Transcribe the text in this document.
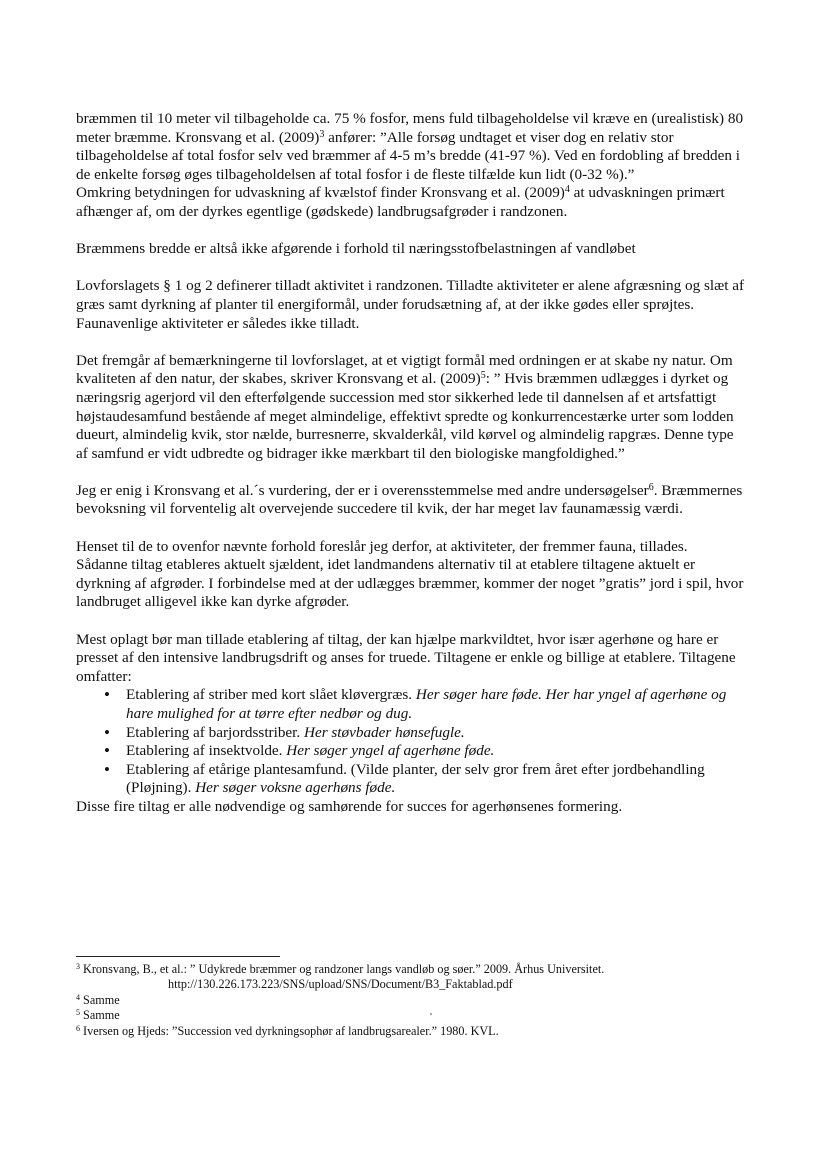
bræmmen til 10 meter vil tilbageholde ca. 75 % fosfor, mens fuld tilbageholdelse vil kræve en (urealistisk) 80 meter bræmme. Kronsvang et al. $(2009)^3$ anfører: ”Alle forsøg undtaget et viser dog en relativ stor tilbageholdelse af total fosfor selv ved bræmmer af 4-5 m’s bredde (41-97 %). Ved en fordobling af bredden i de enkelte forsøg øges tilbageholdelsen af total fosfor i de fleste tilfælde kun lidt (0-32 %).”

Omkring betydningen for udvaskning af kvælstof finder Kronsvang et al. $(2009)^4$ at udvaskningen primært afhænger af, om der dyrkes egentlige (gødskede) landbrugsafgrøder i randzonen.

Bræmmens bredde er altså ikke afgørende i forhold til næringsstofbelastningen af vandløbet

Lovforslagets § 1 og 2 definerer tilladt aktivitet i randzonen. Tilladte aktiviteter er alene afgræsning og slæt af græs samt dyrkning af planter til energiformål, under forudsætning af, at der ikke gødes eller sprøjtes. Faunavenlige aktiviteter er således ikke tilladt.

Det fremgår af bemærkningerne til lovforslaget, at et vigtigt formål med ordningen er at skabe ny natur. Om kvaliteten af den natur, der skabes, skriver Kronsvang et al. $(2009)^5$: ” Hvis bræmmen udlægges i dyrket og næringsrig agerjord vil den efterfølgende succession med stor sikkerhed lede til dannelsen af et artsfattigt højstaudesamfund bestående af meget almindelige, effektivt spredte og konkurrencestærke urter som lodden dueurt, almindelig kvik, stor nælde, burresnerre, skvalderkål, vild kørvel og almindelig rapgræs. Denne type af samfund er vidt udbredte og bidrager ikke mærkbart til den biologiske mangfoldighed.”

Jeg er enig i Kronsvang et al.´s vurdering, der er i overensstemmelse med andre undersøgelser$^6$. Bræmmernes bevoksning vil forventelig alt overvejende succedere til kvik, der har meget lav faunamæssig værdi.

Henset til de to ovenfor nævnte forhold foreslår jeg derfor, at aktiviteter, der fremmer fauna, tillades.

Sådanne tiltag etableres aktuelt sjældent, idet landmandens alternativ til at etablere tiltagene aktuelt er dyrkning af afgrøder. I forbindelse med at der udlægges bræmmer, kommer der noget ”gratis” jord i spil, hvor landbruget alligevel ikke kan dyrke afgrøder.

Mest oplagt bør man tillade etablering af tiltag, der kan hjælpe markvildtet, hvor især agerhøne og hare er presset af den intensive landbrugsdrift og anses for truede. Tiltagene er enkle og billige at etablere. Tiltagene omfatter:

• Etablering af striber med kort slået kløvergræs. Her søger hare føde. Her har yngel af agerhøne og hare mulighed for at tørre efter nedbør og dug.
• Etablering af barjordsstriber. Her støvbader hønsefugle.
• Etablering af insektvolde. Her søger yngel af agerhøne føde.
• Etablering af etårige plantesamfund. (Vilde planter, der selv gror frem året efter jordbehandling (Pløjning). Her søger voksne agerhøns føde.

Disse fire tiltag er alle nødvendige og samhørende for succes for agerhønsenes formering.

$^3$ Kronsvang, B., et al.: ” Udykrede bræmmer og randzoner langs vandløb og søer.” 2009. Århus Universitet.
http://130.226.173.223/SNS/upload/SNS/Document/B3_Faktablad.pdf
$^4$ Samme
$^5$ Samme
$^6$ Iversen og Hjeds: ”Succession ved dyrkningsophør af landbrugsarealer.” 1980. KVL.
